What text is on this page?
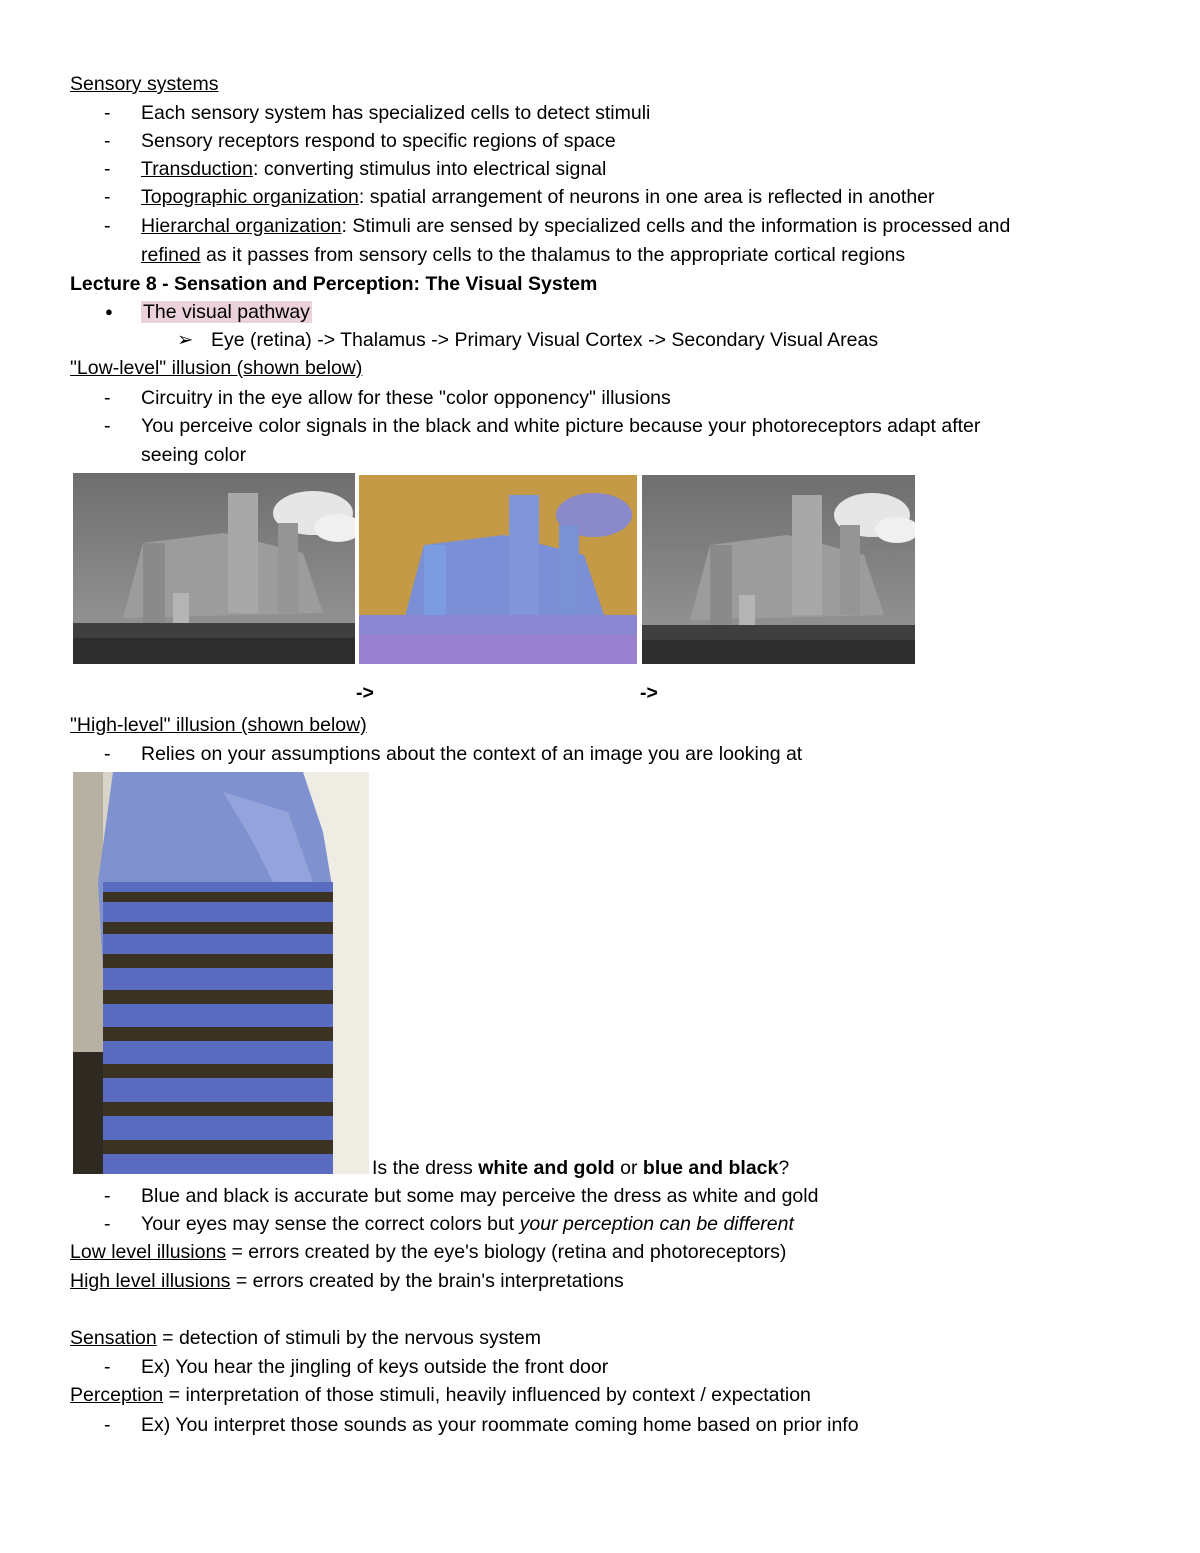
Sensory systems
- Each sensory system has specialized cells to detect stimuli
- Sensory receptors respond to specific regions of space
- Transduction: converting stimulus into electrical signal
- Topographic organization: spatial arrangement of neurons in one area is reflected in another
- Hierarchal organization: Stimuli are sensed by specialized cells and the information is processed and
refined as it passes from sensory cells to the thalamus to the appropriate cortical regions
Lecture 8 - Sensation and Perception: The Visual System
● The visual pathway
➢ Eye (retina) -> Thalamus -> Primary Visual Cortex -> Secondary Visual Areas
"Low-level" illusion (shown below)
- Circuitry in the eye allow for these "color opponency" illusions
- You perceive color signals in the black and white picture because your photoreceptors adapt after
seeing color
->	->
"High-level" illusion (shown below)
- Relies on your assumptions about the context of an image you are looking at
Is the dress white and gold or blue and black?
- Blue and black is accurate but some may perceive the dress as white and gold
- Your eyes may sense the correct colors but your perception can be different
Low level illusions = errors created by the eye's biology (retina and photoreceptors)
High level illusions = errors created by the brain's interpretations
Sensation = detection of stimuli by the nervous system
- Ex) You hear the jingling of keys outside the front door
Perception = interpretation of those stimuli, heavily influenced by context / expectation
- Ex) You interpret those sounds as your roommate coming home based on prior info
